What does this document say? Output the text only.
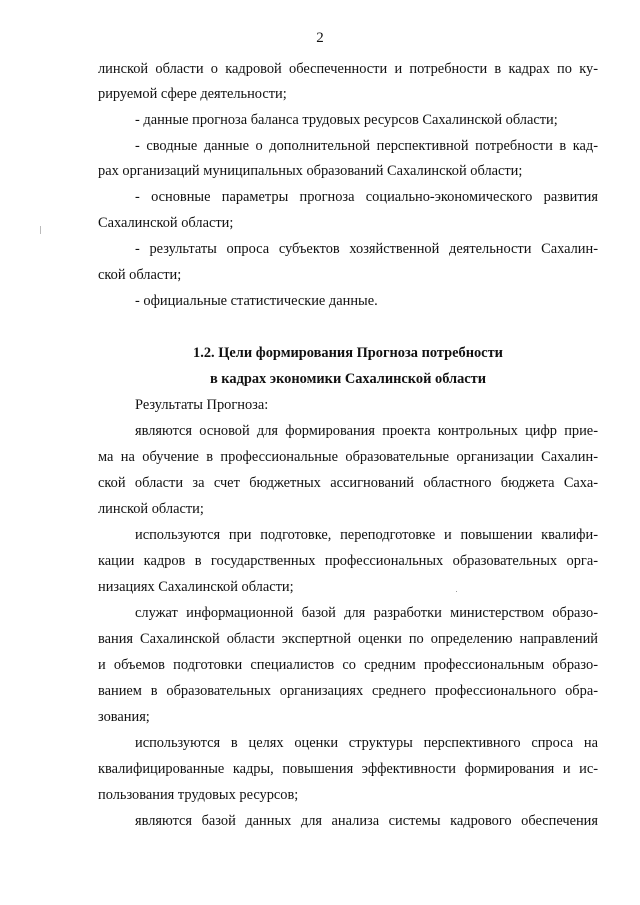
2
линской области о кадровой обеспеченности и потребности в кадрах по ку-
рируемой сфере деятельности;
- данные прогноза баланса трудовых ресурсов Сахалинской области;
- сводные данные о дополнительной перспективной потребности в кад-
рах организаций муниципальных образований Сахалинской области;
- основные параметры прогноза социально-экономического развития
Сахалинской области;
- результаты опроса субъектов хозяйственной деятельности Сахалин-
ской области;
- официальные статистические данные.
1.2. Цели формирования Прогноза потребности
в кадрах экономики Сахалинской области
Результаты Прогноза:
являются основой для формирования проекта контрольных цифр прие-
ма на обучение в профессиональные образовательные организации Сахалин-
ской области за счет бюджетных ассигнований областного бюджета Саха-
линской области;
используются при подготовке, переподготовке и повышении квалифи-
кации кадров в государственных профессиональных образовательных орга-
низациях Сахалинской области;
служат информационной базой для разработки министерством образо-
вания Сахалинской области экспертной оценки по определению направлений
и объемов подготовки специалистов со средним профессиональным образо-
ванием в образовательных организациях среднего профессионального обра-
зования;
используются в целях оценки структуры перспективного спроса на
квалифицированные кадры, повышения эффективности формирования и ис-
пользования трудовых ресурсов;
являются базой данных для анализа системы кадрового обеспечения
